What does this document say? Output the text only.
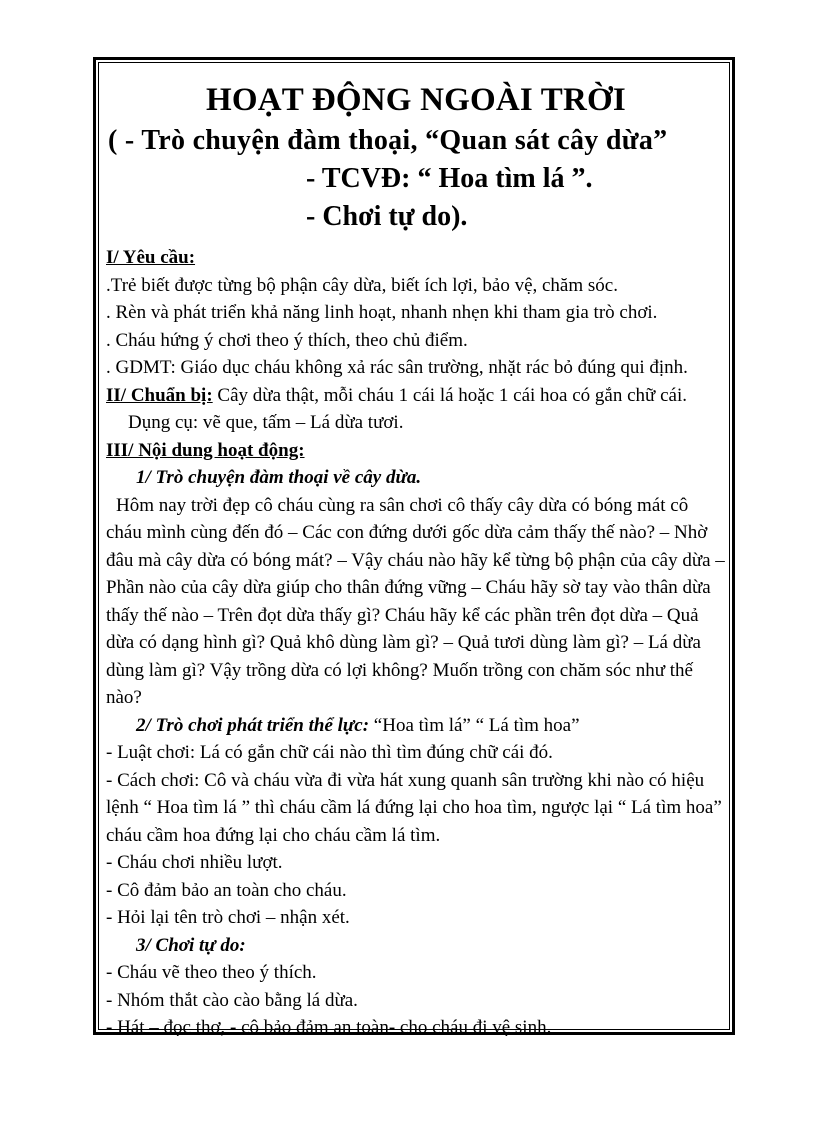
HOẠT ĐỘNG NGOÀI TRỜI

( - Trò chuyện đàm thoại, “Quan sát cây dừa”

- TCVĐ: “ Hoa tìm lá ”.

- Chơi tự do).

I/ Yêu cầu:

.Trẻ biết được từng bộ phận cây dừa, biết ích lợi, bảo vệ, chăm sóc.

. Rèn và phát triển khả năng linh hoạt, nhanh nhẹn khi tham gia trò chơi.

. Cháu hứng ý chơi theo ý thích, theo chủ điểm.

. GDMT: Giáo dục cháu không xả rác sân trường, nhặt rác bỏ đúng qui định.

II/ Chuẩn bị: Cây dừa thật, mỗi cháu 1 cái lá hoặc 1 cái hoa có gắn chữ cái.

Dụng cụ: vẽ que, tấm – Lá dừa tươi.

III/ Nội dung hoạt động:

1/ Trò chuyện đàm thoại về cây dừa.

Hôm nay trời đẹp cô cháu cùng ra sân chơi cô thấy cây dừa có bóng mát cô cháu mình cùng đến đó – Các con đứng dưới gốc dừa cảm thấy thế nào? – Nhờ đâu mà cây dừa có bóng mát? – Vậy cháu nào hãy kể từng bộ phận của cây dừa – Phần nào của cây dừa giúp cho thân đứng vững – Cháu hãy sờ tay vào thân dừa thấy thế nào – Trên đọt dừa thấy gì? Cháu hãy kể các phần trên đọt dừa – Quả dừa có dạng hình gì? Quả khô dùng làm gì? – Quả tươi dùng làm gì? – Lá dừa dùng làm gì? Vậy trồng dừa có lợi không? Muốn trồng con chăm sóc như thế nào?

2/ Trò chơi phát triển thể lực: “Hoa tìm lá” “ Lá tìm hoa”

- Luật chơi: Lá có gắn chữ cái nào thì tìm đúng chữ cái đó.

- Cách chơi: Cô và cháu vừa đi vừa hát xung quanh sân trường khi nào có hiệu lệnh “ Hoa tìm lá ” thì cháu cầm lá đứng lại cho hoa tìm, ngược lại “ Lá tìm hoa” cháu cầm hoa đứng lại cho cháu cầm lá tìm.

- Cháu chơi nhiều lượt.

- Cô đảm bảo an toàn cho cháu.

- Hỏi lại tên trò chơi – nhận xét.

3/ Chơi tự do:

- Cháu vẽ theo theo ý thích.

- Nhóm thắt cào cào bằng lá dừa.

- Hát – đọc thơ, - cô bảo đảm an toàn- cho cháu đi vệ sinh.
